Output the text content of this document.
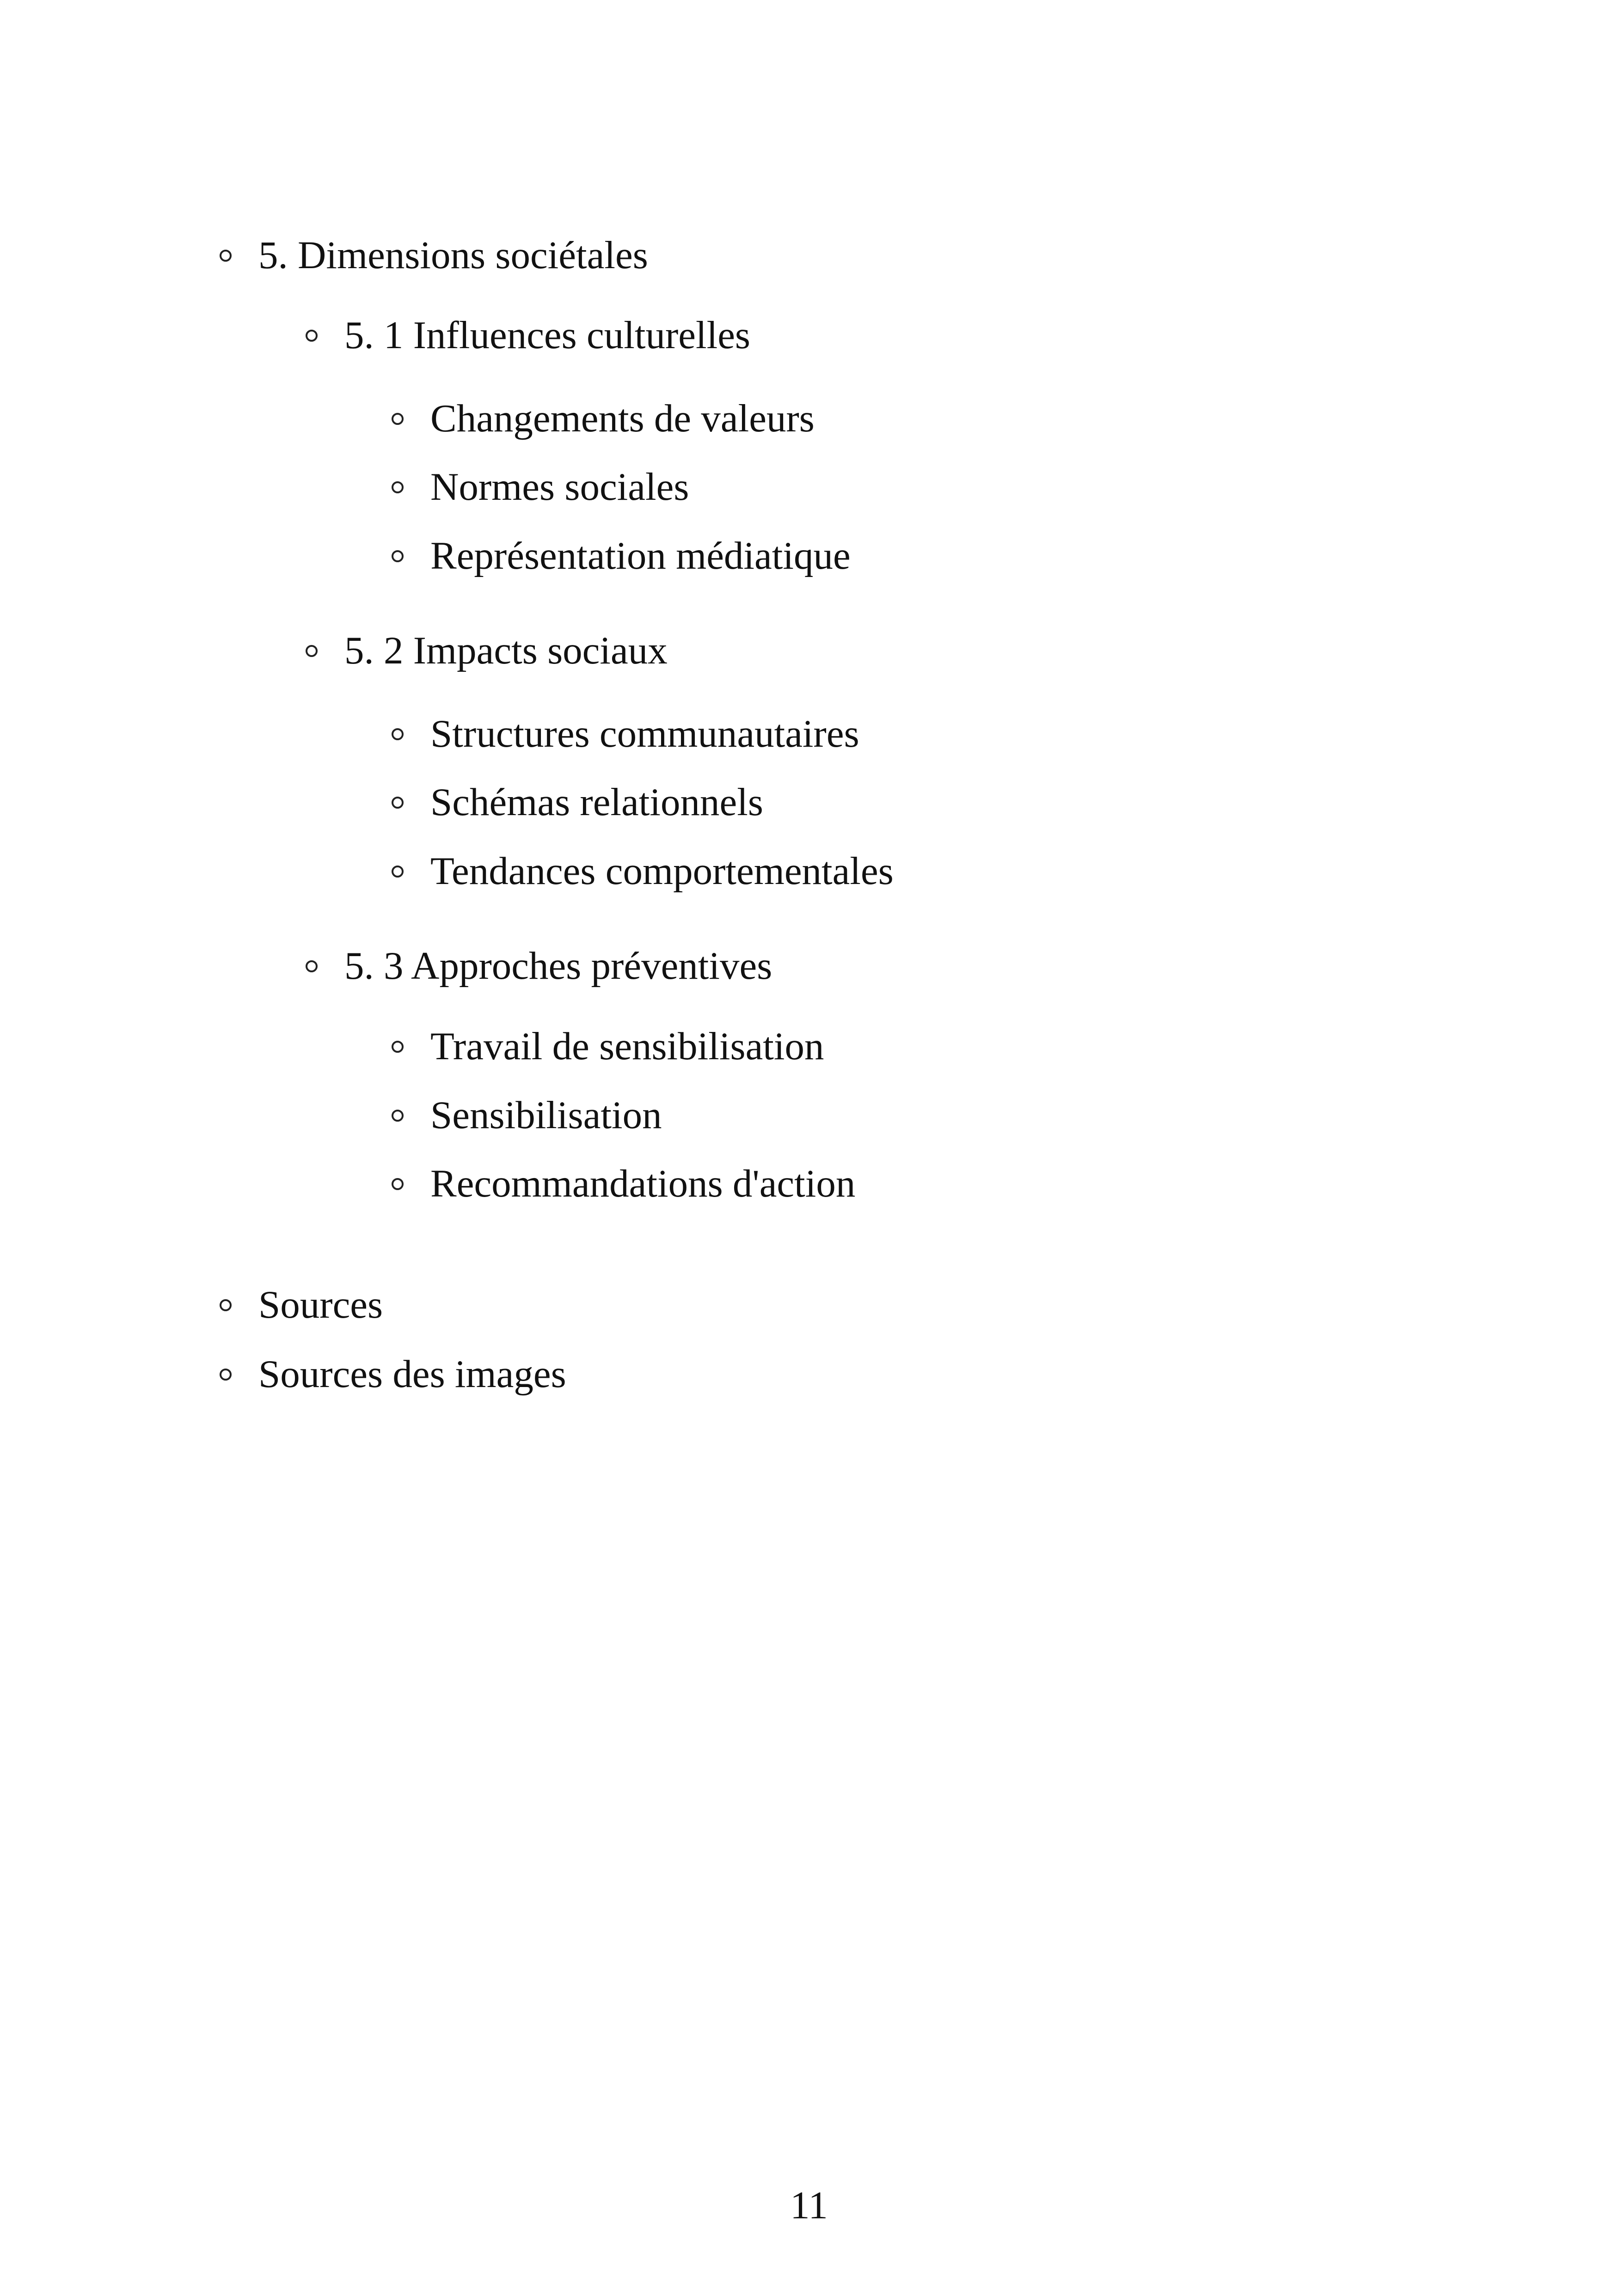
5. Dimensions sociétales
5. 1 Influences culturelles
Changements de valeurs
Normes sociales
Représentation médiatique
5. 2 Impacts sociaux
Structures communautaires
Schémas relationnels
Tendances comportementales
5. 3 Approches préventives
Travail de sensibilisation
Sensibilisation
Recommandations d'action
Sources
Sources des images
11
